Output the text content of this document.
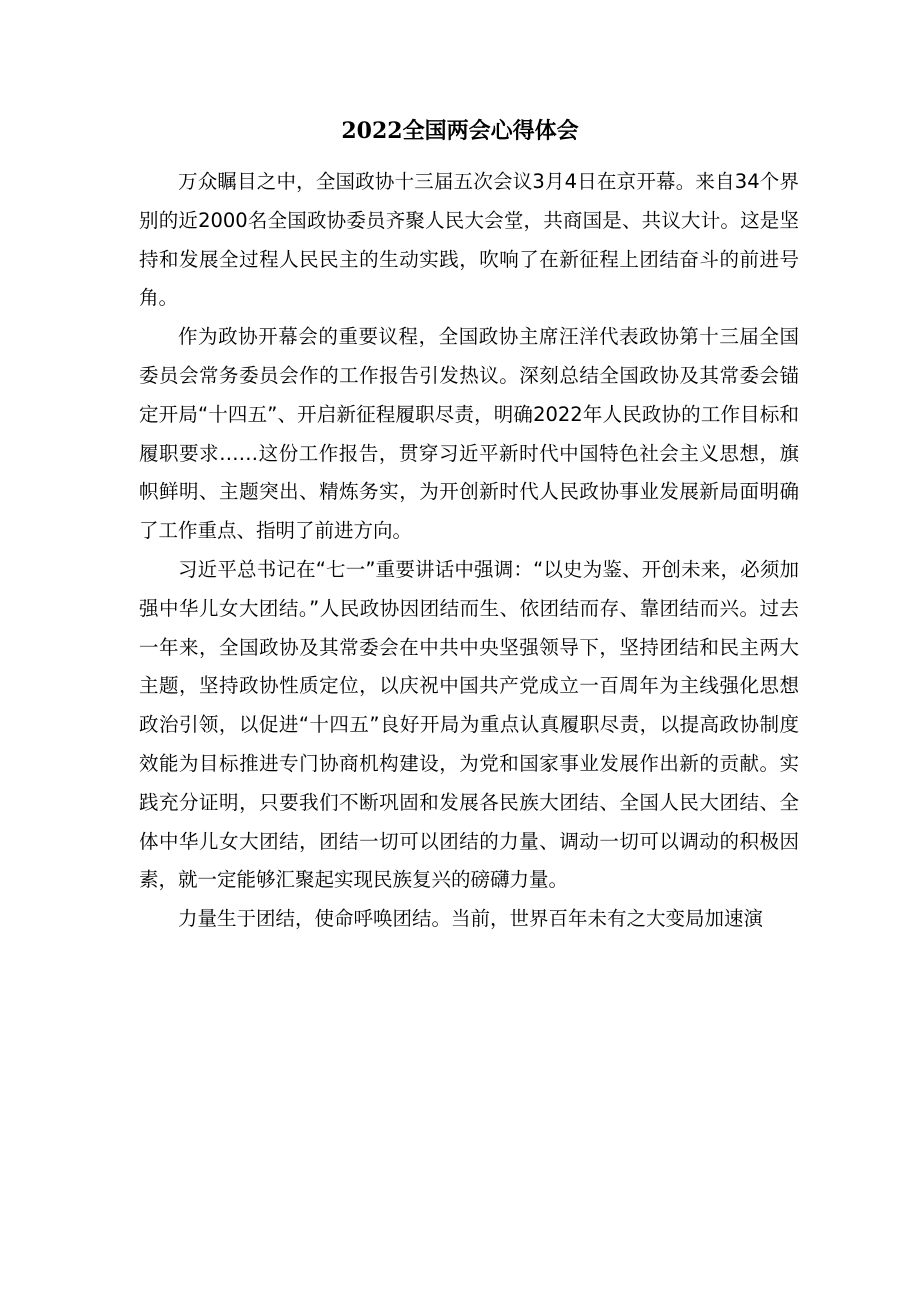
2022全国两会心得体会

万众瞩目之中，全国政协十三届五次会议3月4日在京开幕。来自34个界别的近2000名全国政协委员齐聚人民大会堂，共商国是、共议大计。这是坚持和发展全过程人民民主的生动实践，吹响了在新征程上团结奋斗的前进号角。

作为政协开幕会的重要议程，全国政协主席汪洋代表政协第十三届全国委员会常务委员会作的工作报告引发热议。深刻总结全国政协及其常委会锚定开局“十四五”、开启新征程履职尽责，明确2022年人民政协的工作目标和履职要求……这份工作报告，贯穿习近平新时代中国特色社会主义思想，旗帜鲜明、主题突出、精炼务实，为开创新时代人民政协事业发展新局面明确了工作重点、指明了前进方向。

习近平总书记在“七一”重要讲话中强调：“以史为鉴、开创未来，必须加强中华儿女大团结。”人民政协因团结而生、依团结而存、靠团结而兴。过去一年来，全国政协及其常委会在中共中央坚强领导下，坚持团结和民主两大主题，坚持政协性质定位，以庆祝中国共产党成立一百周年为主线强化思想政治引领，以促进“十四五”良好开局为重点认真履职尽责，以提高政协制度效能为目标推进专门协商机构建设，为党和国家事业发展作出新的贡献。实践充分证明，只要我们不断巩固和发展各民族大团结、全国人民大团结、全体中华儿女大团结，团结一切可以团结的力量、调动一切可以调动的积极因素，就一定能够汇聚起实现民族复兴的磅礴力量。

力量生于团结，使命呼唤团结。当前，世界百年未有之大变局加速演
